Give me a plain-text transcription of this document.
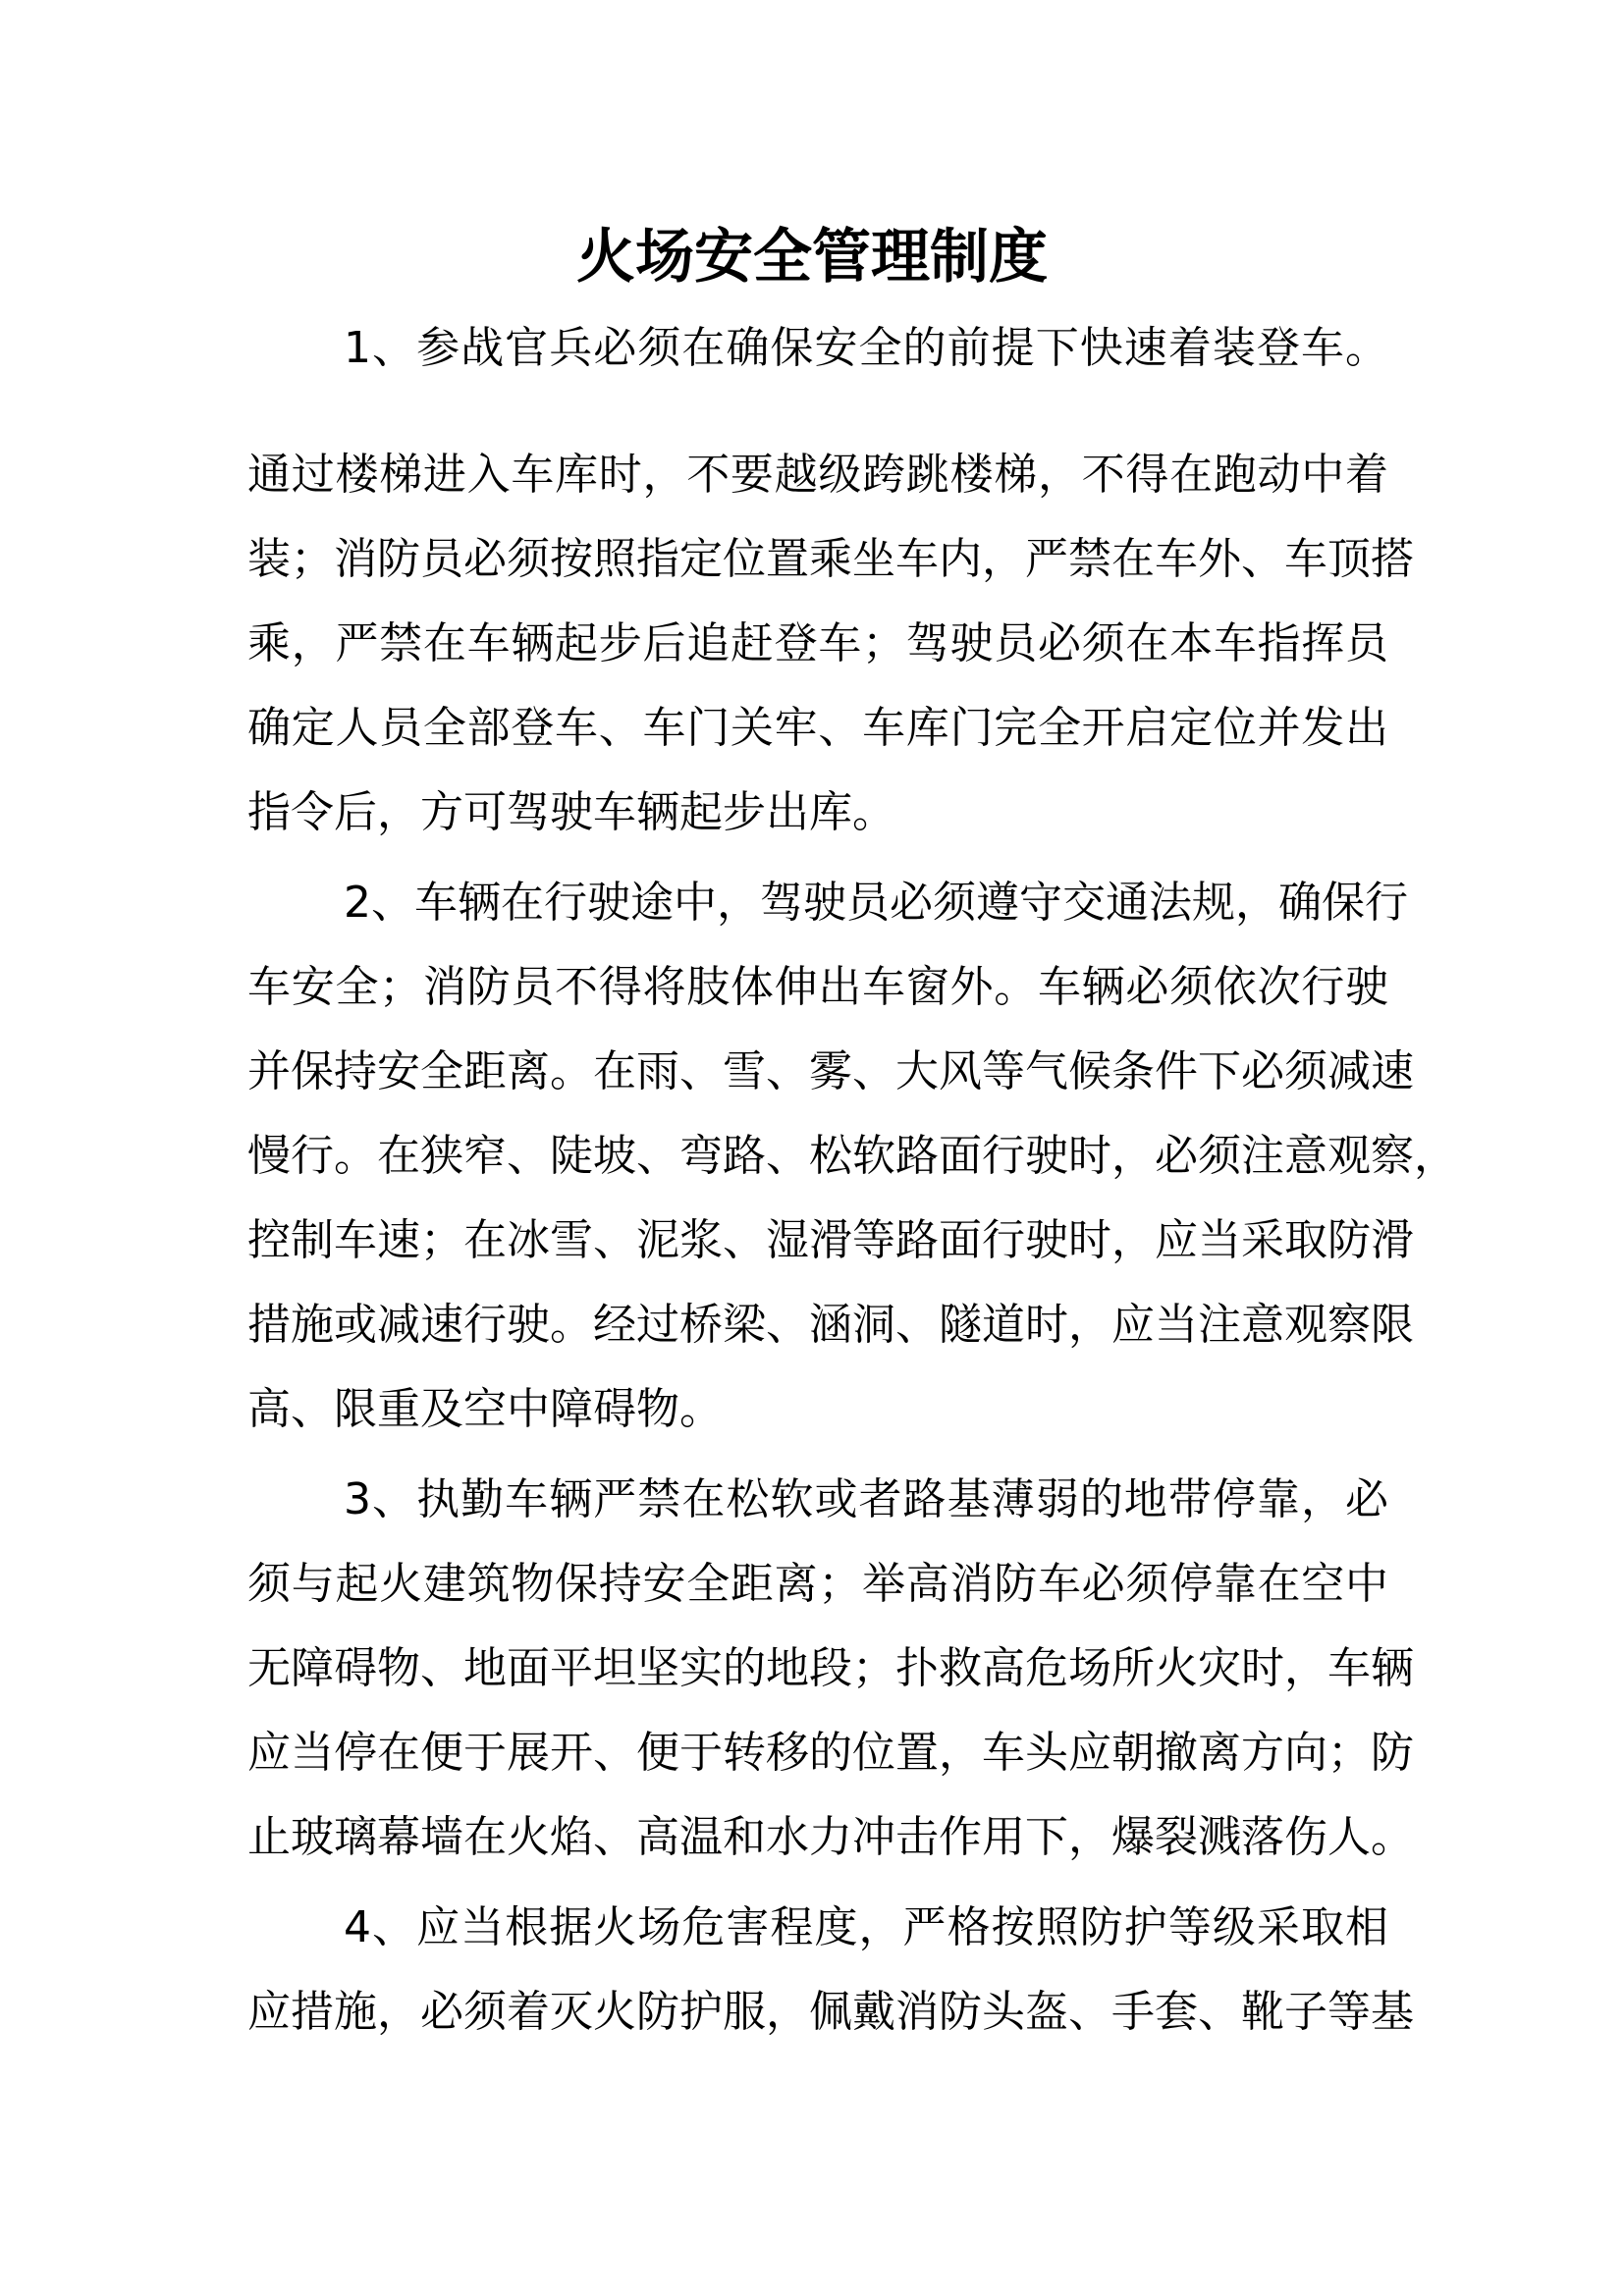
火场安全管理制度
1、参战官兵必须在确保安全的前提下快速着装登车。
通过楼梯进入车库时，不要越级跨跳楼梯，不得在跑动中着
装；消防员必须按照指定位置乘坐车内，严禁在车外、车顶搭
乘，严禁在车辆起步后追赶登车；驾驶员必须在本车指挥员
确定人员全部登车、车门关牢、车库门完全开启定位并发出
指令后，方可驾驶车辆起步出库。
2、车辆在行驶途中，驾驶员必须遵守交通法规，确保行
车安全；消防员不得将肢体伸出车窗外。车辆必须依次行驶
并保持安全距离。在雨、雪、雾、大风等气候条件下必须减速
慢行。在狭窄、陡坡、弯路、松软路面行驶时，必须注意观察，
控制车速；在冰雪、泥浆、湿滑等路面行驶时，应当采取防滑
措施或减速行驶。经过桥梁、涵洞、隧道时，应当注意观察限
高、限重及空中障碍物。
3、执勤车辆严禁在松软或者路基薄弱的地带停靠，必
须与起火建筑物保持安全距离；举高消防车必须停靠在空中
无障碍物、地面平坦坚实的地段；扑救高危场所火灾时，车辆
应当停在便于展开、便于转移的位置，车头应朝撤离方向；防
止玻璃幕墙在火焰、高温和水力冲击作用下，爆裂溅落伤人。
4、应当根据火场危害程度，严格按照防护等级采取相
应措施，必须着灭火防护服，佩戴消防头盔、手套、靴子等基
